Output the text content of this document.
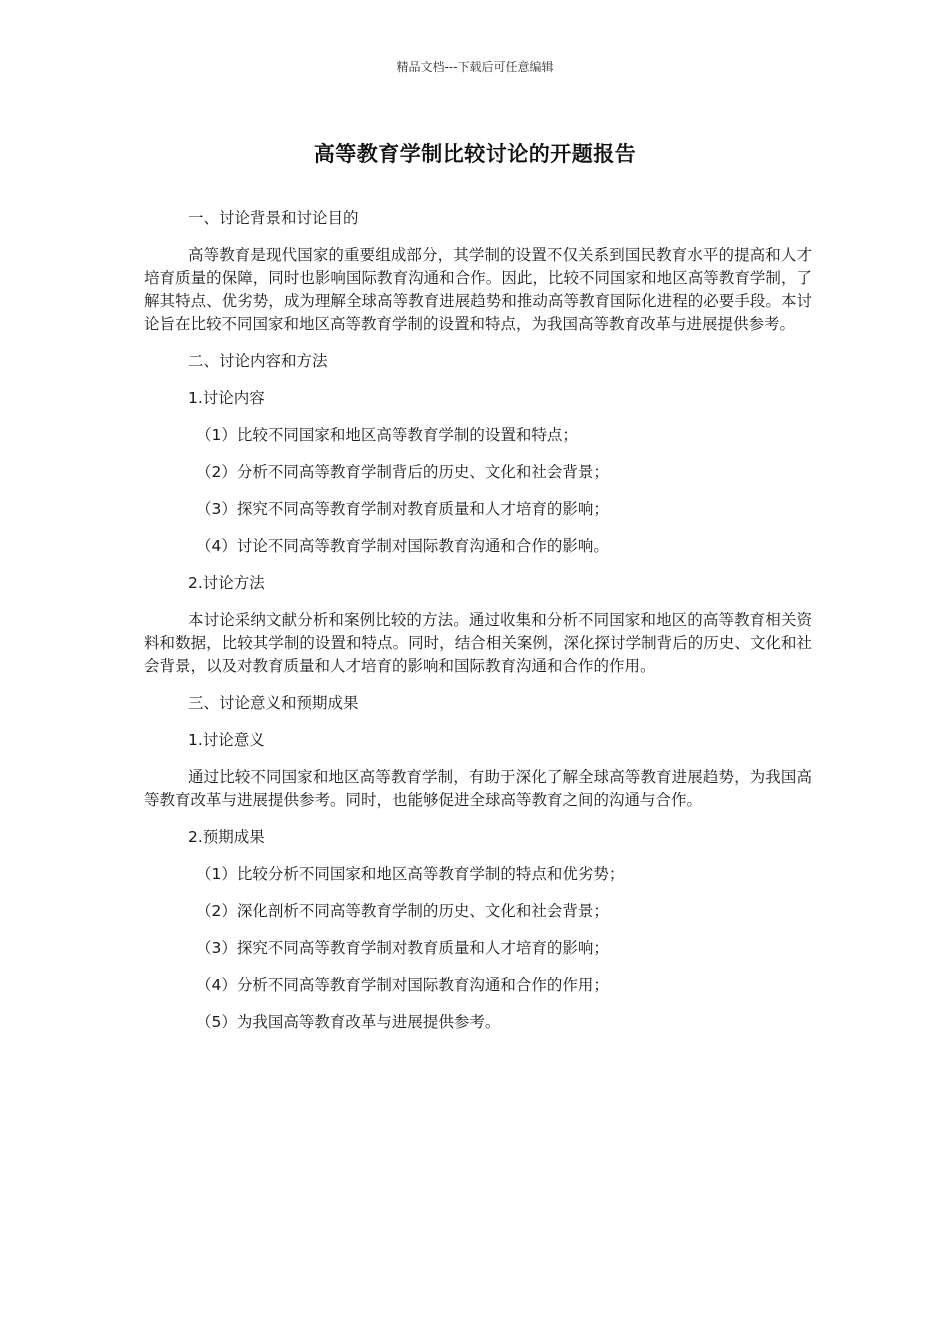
精品文档---下载后可任意编辑
高等教育学制比较讨论的开题报告
一、讨论背景和讨论目的

高等教育是现代国家的重要组成部分，其学制的设置不仅关系到国民教育水平的提高和人才培育质量的保障，同时也影响国际教育沟通和合作。因此，比较不同国家和地区高等教育学制，了解其特点、优劣势，成为理解全球高等教育进展趋势和推动高等教育国际化进程的必要手段。本讨论旨在比较不同国家和地区高等教育学制的设置和特点，为我国高等教育改革与进展提供参考。

二、讨论内容和方法
1.讨论内容
（1）比较不同国家和地区高等教育学制的设置和特点；
（2）分析不同高等教育学制背后的历史、文化和社会背景；
（3）探究不同高等教育学制对教育质量和人才培育的影响；
（4）讨论不同高等教育学制对国际教育沟通和合作的影响。
2.讨论方法

本讨论采纳文献分析和案例比较的方法。通过收集和分析不同国家和地区的高等教育相关资料和数据，比较其学制的设置和特点。同时，结合相关案例，深化探讨学制背后的历史、文化和社会背景，以及对教育质量和人才培育的影响和国际教育沟通和合作的作用。

三、讨论意义和预期成果
1.讨论意义

通过比较不同国家和地区高等教育学制，有助于深化了解全球高等教育进展趋势，为我国高等教育改革与进展提供参考。同时，也能够促进全球高等教育之间的沟通与合作。

2.预期成果
（1）比较分析不同国家和地区高等教育学制的特点和优劣势；
（2）深化剖析不同高等教育学制的历史、文化和社会背景；
（3）探究不同高等教育学制对教育质量和人才培育的影响；
（4）分析不同高等教育学制对国际教育沟通和合作的作用；
（5）为我国高等教育改革与进展提供参考。
